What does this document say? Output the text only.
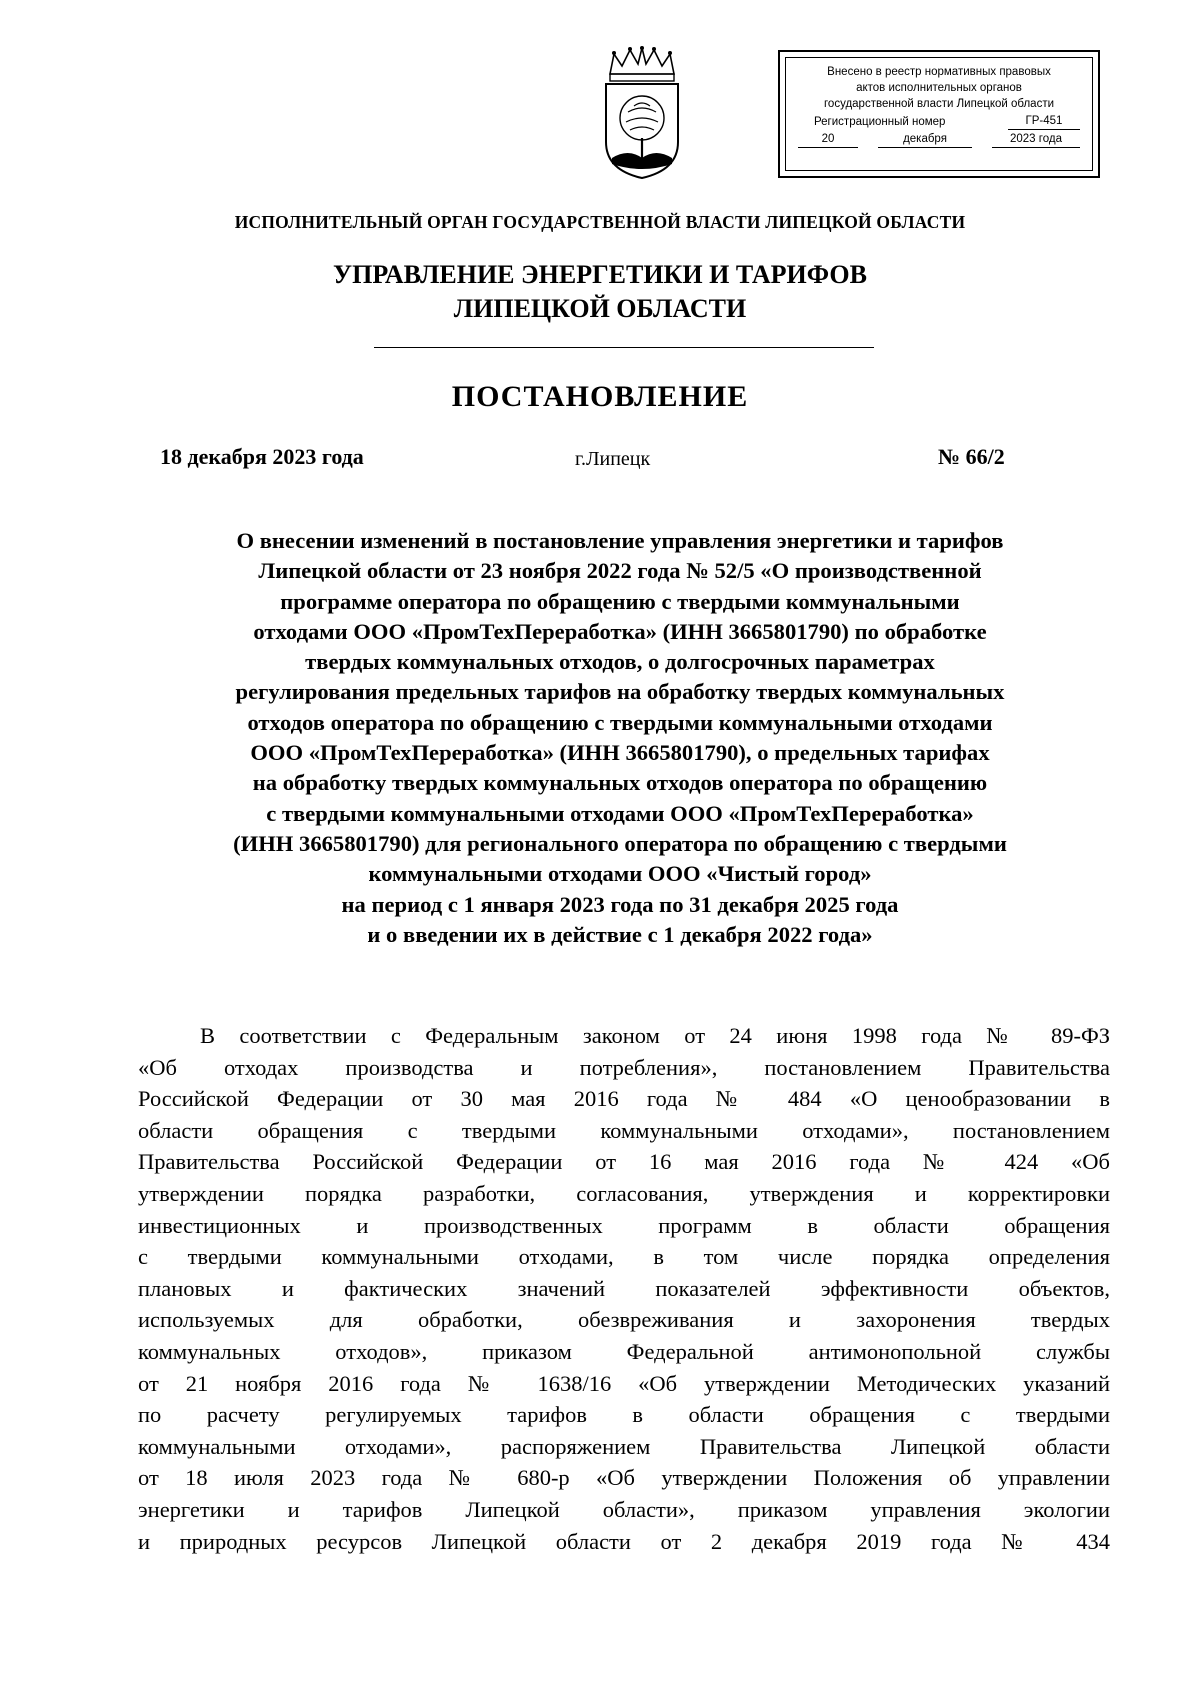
Внесено в реестр нормативных правовых
актов исполнительных органов
государственной власти Липецкой области
Регистрационный номер	ГР-451
20	декабря	2023 года
ИСПОЛНИТЕЛЬНЫЙ ОРГАН ГОСУДАРСТВЕННОЙ ВЛАСТИ ЛИПЕЦКОЙ ОБЛАСТИ
УПРАВЛЕНИЕ ЭНЕРГЕТИКИ И ТАРИФОВ
ЛИПЕЦКОЙ ОБЛАСТИ
ПОСТАНОВЛЕНИЕ
18 декабря 2023 года	г.Липецк	№ 66/2

О внесении изменений в постановление управления энергетики и тарифов
Липецкой области от 23 ноября 2022 года № 52/5 «О производственной
программе оператора по обращению с твердыми коммунальными
отходами ООО «ПромТехПереработка» (ИНН 3665801790) по обработке
твердых коммунальных отходов, о долгосрочных параметрах
регулирования предельных тарифов на обработку твердых коммунальных
отходов оператора по обращению с твердыми коммунальными отходами
ООО «ПромТехПереработка» (ИНН 3665801790), о предельных тарифах
на обработку твердых коммунальных отходов оператора по обращению
с твердыми коммунальными отходами ООО «ПромТехПереработка»
(ИНН 3665801790) для регионального оператора по обращению с твердыми
коммунальными отходами ООО «Чистый город»
на период с 1 января 2023 года по 31 декабря 2025 года
и о введении их в действие с 1 декабря 2022 года»

В соответствии с Федеральным законом от 24 июня 1998 года № 89-ФЗ
«Об отходах производства и потребления», постановлением Правительства
Российской Федерации от 30 мая 2016 года № 484 «О ценообразовании в
области обращения с твердыми коммунальными отходами», постановлением
Правительства Российской Федерации от 16 мая 2016 года № 424 «Об
утверждении порядка разработки, согласования, утверждения и корректировки
инвестиционных и производственных программ в области обращения
с твердыми коммунальными отходами, в том числе порядка определения
плановых и фактических значений показателей эффективности объектов,
используемых для обработки, обезвреживания и захоронения твердых
коммунальных отходов», приказом Федеральной антимонопольной службы
от 21 ноября 2016 года № 1638/16 «Об утверждении Методических указаний
по расчету регулируемых тарифов в области обращения с твердыми
коммунальными отходами», распоряжением Правительства Липецкой области
от 18 июля 2023 года № 680-р «Об утверждении Положения об управлении
энергетики и тарифов Липецкой области», приказом управления экологии
и природных ресурсов Липецкой области от 2 декабря 2019 года № 434
